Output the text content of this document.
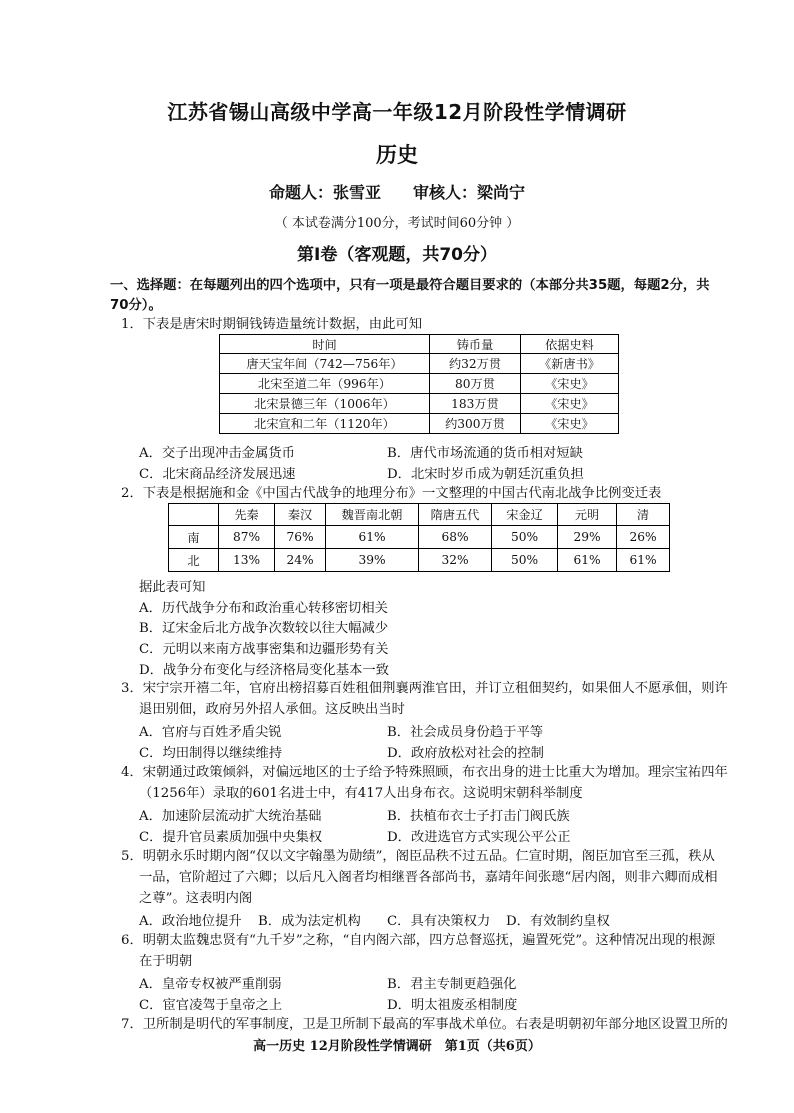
江苏省锡山高级中学高一年级12月阶段性学情调研
历史
命题人：张雪亚　　审核人：梁尚宁
（ 本试卷满分100分，考试时间60分钟 ）
第Ⅰ卷（客观题，共70分）
一、选择题：在每题列出的四个选项中，只有一项是最符合题目要求的（本部分共35题，每题2分，共
70分）。
1．下表是唐宋时期铜钱铸造量统计数据，由此可知
时间	铸币量	依据史料
唐天宝年间（742—756年）	约32万贯	《新唐书》
北宋至道二年（996年）	80万贯	《宋史》
北宋景德三年（1006年）	183万贯	《宋史》
北宋宣和二年（1120年）	约300万贯	《宋史》
A．交子出现冲击金属货币	B．唐代市场流通的货币相对短缺
C．北宋商品经济发展迅速	D．北宋时岁币成为朝廷沉重负担
2．下表是根据施和金《中国古代战争的地理分布》一文整理的中国古代南北战争比例变迁表
	先秦	秦汉	魏晋南北朝	隋唐五代	宋金辽	元明	清
南	87%	76%	61%	68%	50%	29%	26%
北	13%	24%	39%	32%	50%	61%	61%
据此表可知
A．历代战争分布和政治重心转移密切相关
B．辽宋金后北方战争次数较以往大幅减少
C．元明以来南方战事密集和边疆形势有关
D．战争分布变化与经济格局变化基本一致
3．宋宁宗开禧二年，官府出榜招募百姓租佃荆襄两淮官田，并订立租佃契约，如果佃人不愿承佃，则许
退田别佃，政府另外招人承佃。这反映出当时
A．官府与百姓矛盾尖锐	B．社会成员身份趋于平等
C．均田制得以继续维持	D．政府放松对社会的控制
4．宋朝通过政策倾斜，对偏远地区的士子给予特殊照顾，布衣出身的进士比重大为增加。理宗宝祐四年
（1256年）录取的601名进士中，有417人出身布衣。这说明宋朝科举制度
A．加速阶层流动扩大统治基础	B．扶植布衣士子打击门阀氏族
C．提升官员素质加强中央集权	D．改进选官方式实现公平公正
5．明朝永乐时期内阁“仅以文字翰墨为勋绩”，阁臣品秩不过五品。仁宣时期，阁臣加官至三孤，秩从
一品，官阶超过了六卿；以后凡入阁者均相继晋各部尚书，嘉靖年间张璁“居内阁，则非六卿而成相
之尊”。这表明内阁
A．政治地位提升 B．成为法定机构 C．具有决策权力 D．有效制约皇权
6．明朝太监魏忠贤有“九千岁”之称，“自内阁六部，四方总督巡抚，遍置死党”。这种情况出现的根源
在于明朝
A．皇帝专权被严重削弱	B．君主专制更趋强化
C．宦官凌驾于皇帝之上	D．明太祖废丞相制度
7．卫所制是明代的军事制度，卫是卫所制下最高的军事战术单位。右表是明朝初年部分地区设置卫所的
高一历史 12月阶段性学情调研　第1页（共6页）
